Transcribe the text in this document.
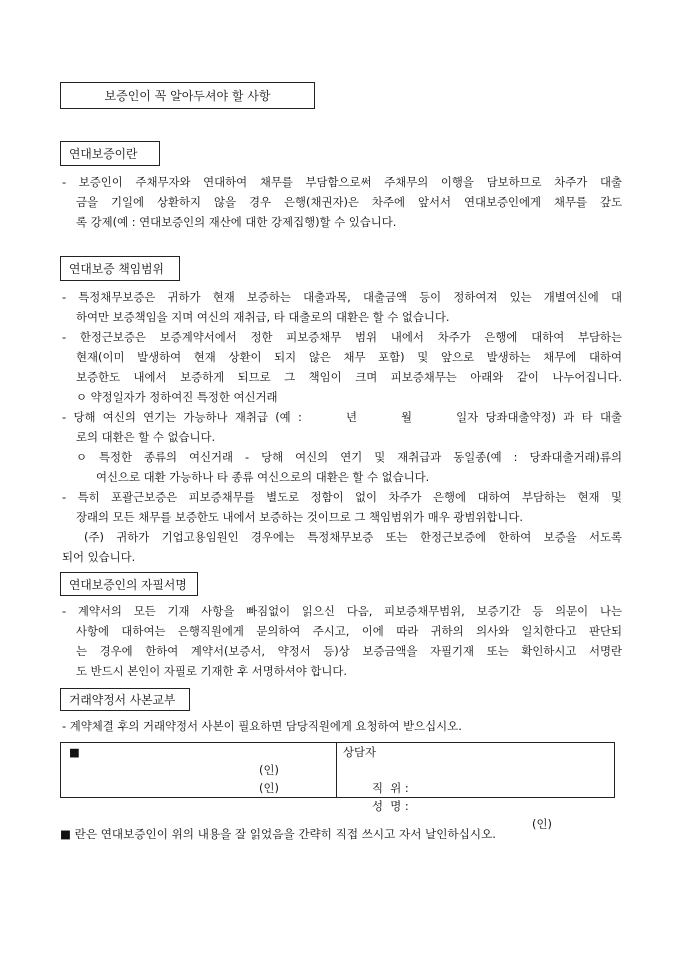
보증인이 꼭 알아두셔야 할 사항
연대보증이란
- 보증인이 주채무자와 연대하여 채무를 부담함으로써 주채무의 이행을 담보하므로 차주가 대출
금을 기일에 상환하지 않을 경우 은행(채권자)은 차주에 앞서서 연대보증인에게 채무를 갚도
록 강제(예 : 연대보증인의 재산에 대한 강제집행)할 수 있습니다.
연대보증 책임범위
- 특정채무보증은 귀하가 현재 보증하는 대출과목, 대출금액 등이 정하여져 있는 개별여신에 대
하여만 보증책임을 지며 여신의 재취급, 타 대출로의 대환은 할 수 없습니다.
- 한정근보증은 보증계약서에서 정한 피보증채무 범위 내에서 차주가 은행에 대하여 부담하는
현재(이미 발생하여 현재 상환이 되지 않은 채무 포함) 및 앞으로 발생하는 채무에 대하여
보증한도 내에서 보증하게 되므로 그 책임이 크며 피보증채무는 아래와 같이 나누어집니다.
ㅇ 약정일자가 정하여진 특정한 여신거래
- 당해 여신의 연기는 가능하나 재취급 (예 :      년      월      일자 당좌대출약정) 과 타 대출
로의 대환은 할 수 없습니다.
ㅇ 특정한 종류의 여신거래 - 당해 여신의 연기 및 재취급과 동일종(예 : 당좌대출거래)류의
여신으로 대환 가능하나 타 종류 여신으로의 대환은 할 수 없습니다.
- 특히 포괄근보증은 피보증채무를 별도로 정함이 없이 차주가 은행에 대하여 부담하는 현재 및
장래의 모든 채무를 보증한도 내에서 보증하는 것이므로 그 책임범위가 매우 광범위합니다.
(주) 귀하가 기업고용임원인 경우에는 특정채무보증 또는 한정근보증에 한하여 보증을 서도록
되어 있습니다.
연대보증인의 자필서명
- 계약서의 모든 기재 사항을 빠짐없이 읽으신 다음, 피보증채무범위, 보증기간 등 의문이 나는
사항에 대하여는 은행직원에게 문의하여 주시고, 이에 따라 귀하의 의사와 일치한다고 판단되
는 경우에 한하여 계약서(보증서, 약정서 등)상 보증금액을 자필기재 또는 확인하시고 서명란
도 반드시 본인이 자필로 기재한 후 서명하셔야 합니다.
거래약정서 사본교부
- 계약체결 후의 거래약정서 사본이 필요하면 담당직원에게 요청하여 받으십시오.
■
(인)
(인)

상담자

직  위 :

성  명 :

(인)

■ 란은 연대보증인이 위의 내용을 잘 읽었음을 간략히 직접 쓰시고 자서 날인하십시오.
